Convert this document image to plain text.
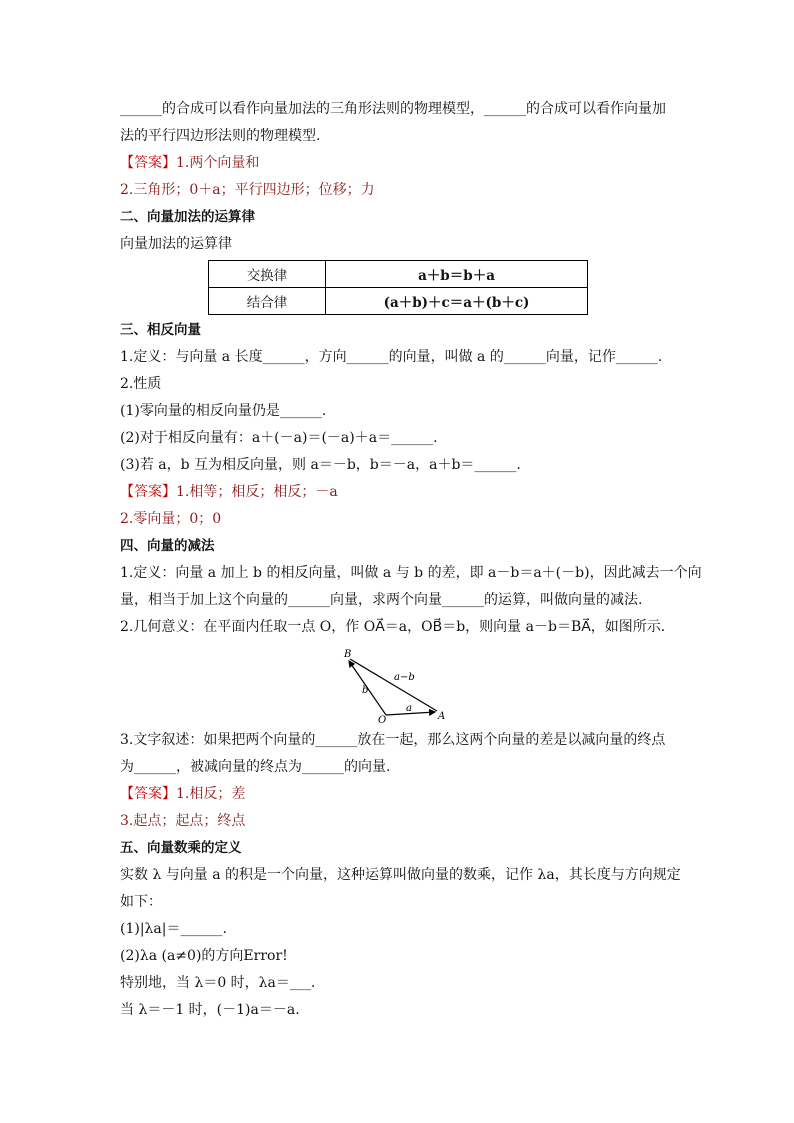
______的合成可以看作向量加法的三角形法则的物理模型，______的合成可以看作向量加
法的平行四边形法则的物理模型.
【答案】1.两个向量和
2.三角形；0＋a；平行四边形；位移；力
二、向量加法的运算律
向量加法的运算律
交换律	a＋b＝b＋a
结合律	(a＋b)＋c＝a＋(b＋c)
三、相反向量
1.定义：与向量 a 长度______，方向______的向量，叫做 a 的______向量，记作______.
2.性质
(1)零向量的相反向量仍是______.
(2)对于相反向量有：a＋(－a)＝(－a)＋a＝______.
(3)若 a，b 互为相反向量，则 a＝－b，b＝－a，a＋b＝______.
【答案】1.相等；相反；相反；－a
2.零向量；0；0
四、向量的减法
1.定义：向量 a 加上 b 的相反向量，叫做 a 与 b 的差，即 a－b＝a＋(－b)，因此减去一个向
量，相当于加上这个向量的______向量，求两个向量______的运算，叫做向量的减法.
2.几何意义：在平面内任取一点 O，作 OA⃗＝a，OB⃗＝b，则向量 a－b＝BA⃗，如图所示.
B
O	A
a
b
a−b
3.文字叙述：如果把两个向量的______放在一起，那么这两个向量的差是以减向量的终点
为______，被减向量的终点为______的向量.
【答案】1.相反；差
3.起点；起点；终点
五、向量数乘的定义
实数 λ 与向量 a 的积是一个向量，这种运算叫做向量的数乘，记作 λa，其长度与方向规定
如下：
(1)|λa|＝______.
(2)λa (a≠0)的方向Error!
特别地，当 λ＝0 时，λa＝___.
当 λ＝－1 时，(－1)a＝－a.
